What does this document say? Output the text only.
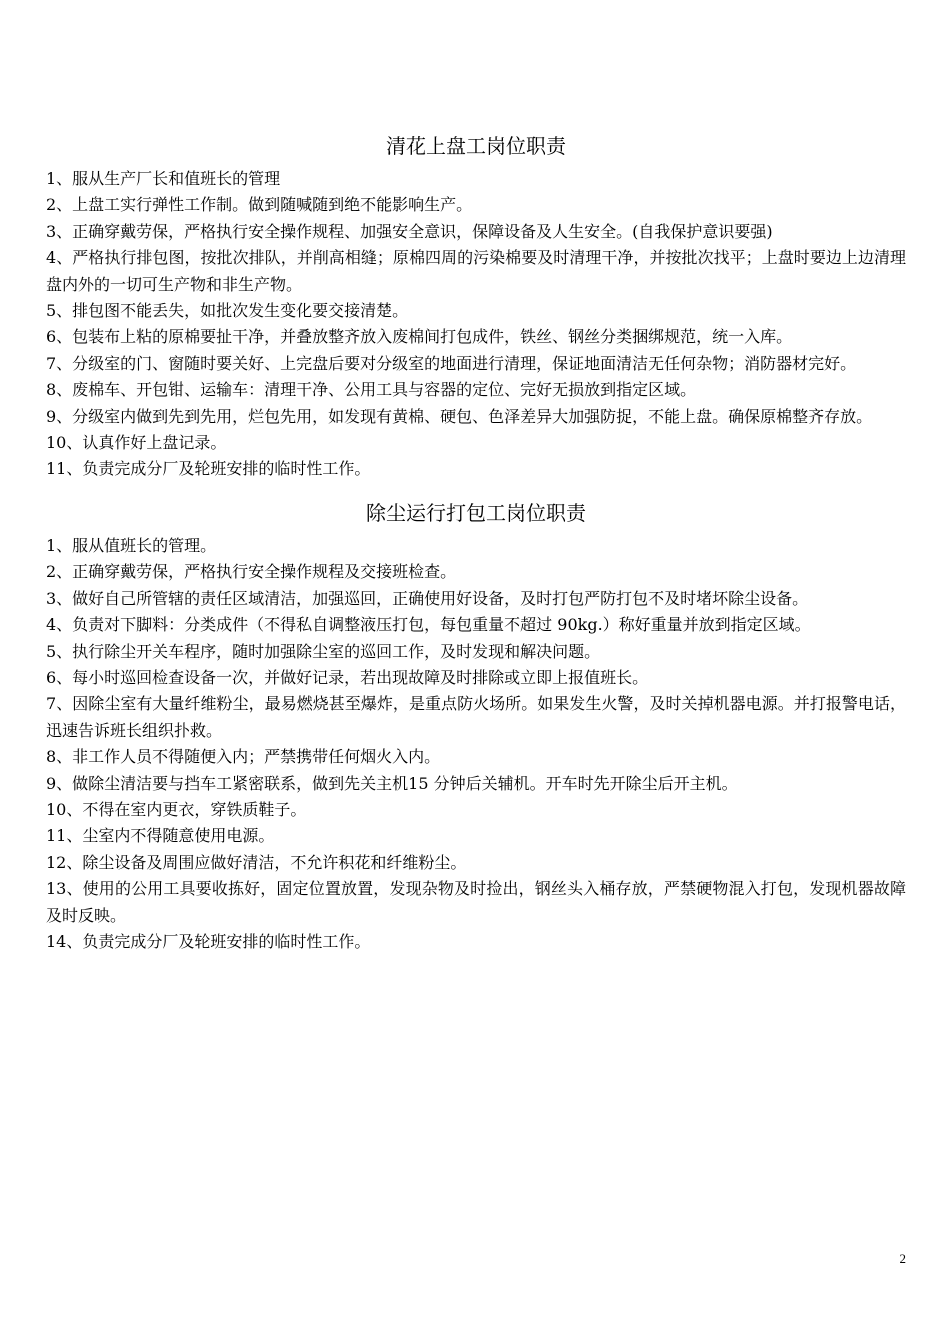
清花上盘工岗位职责
1、服从生产厂长和值班长的管理
2、上盘工实行弹性工作制。做到随喊随到绝不能影响生产。
3、正确穿戴劳保，严格执行安全操作规程、加强安全意识，保障设备及人生安全。(自我保护意识要强)
4、严格执行排包图，按批次排队，并削高相缝；原棉四周的污染棉要及时清理干净，并按批次找平；上盘时要边上边清理盘内外的一切可生产物和非生产物。
5、排包图不能丢失，如批次发生变化要交接清楚。
6、包装布上粘的原棉要扯干净，并叠放整齐放入废棉间打包成件，铁丝、钢丝分类捆绑规范，统一入库。
7、分级室的门、窗随时要关好、上完盘后要对分级室的地面进行清理，保证地面清洁无任何杂物；消防器材完好。
8、废棉车、开包钳、运输车：清理干净、公用工具与容器的定位、完好无损放到指定区域。
9、分级室内做到先到先用，烂包先用，如发现有黄棉、硬包、色泽差异大加强防捉，不能上盘。确保原棉整齐存放。
10、认真作好上盘记录。
11、负责完成分厂及轮班安排的临时性工作。
除尘运行打包工岗位职责
1、服从值班长的管理。
2、正确穿戴劳保，严格执行安全操作规程及交接班检查。
3、做好自己所管辖的责任区域清洁，加强巡回，正确使用好设备，及时打包严防打包不及时堵坏除尘设备。
4、负责对下脚料：分类成件（不得私自调整液压打包，每包重量不超过 90kg.）称好重量并放到指定区域。
5、执行除尘开关车程序，随时加强除尘室的巡回工作，及时发现和解决问题。
6、每小时巡回检查设备一次，并做好记录，若出现故障及时排除或立即上报值班长。
7、因除尘室有大量纤维粉尘，最易燃烧甚至爆炸，是重点防火场所。如果发生火警，及时关掉机器电源。并打报警电话，迅速告诉班长组织扑救。
8、非工作人员不得随便入内；严禁携带任何烟火入内。
9、做除尘清洁要与挡车工紧密联系，做到先关主机15 分钟后关辅机。开车时先开除尘后开主机。
10、不得在室内更衣，穿铁质鞋子。
11、尘室内不得随意使用电源。
12、除尘设备及周围应做好清洁，不允许积花和纤维粉尘。
13、使用的公用工具要收拣好，固定位置放置，发现杂物及时捡出，钢丝头入桶存放，严禁硬物混入打包，发现机器故障及时反映。
14、负责完成分厂及轮班安排的临时性工作。
2
